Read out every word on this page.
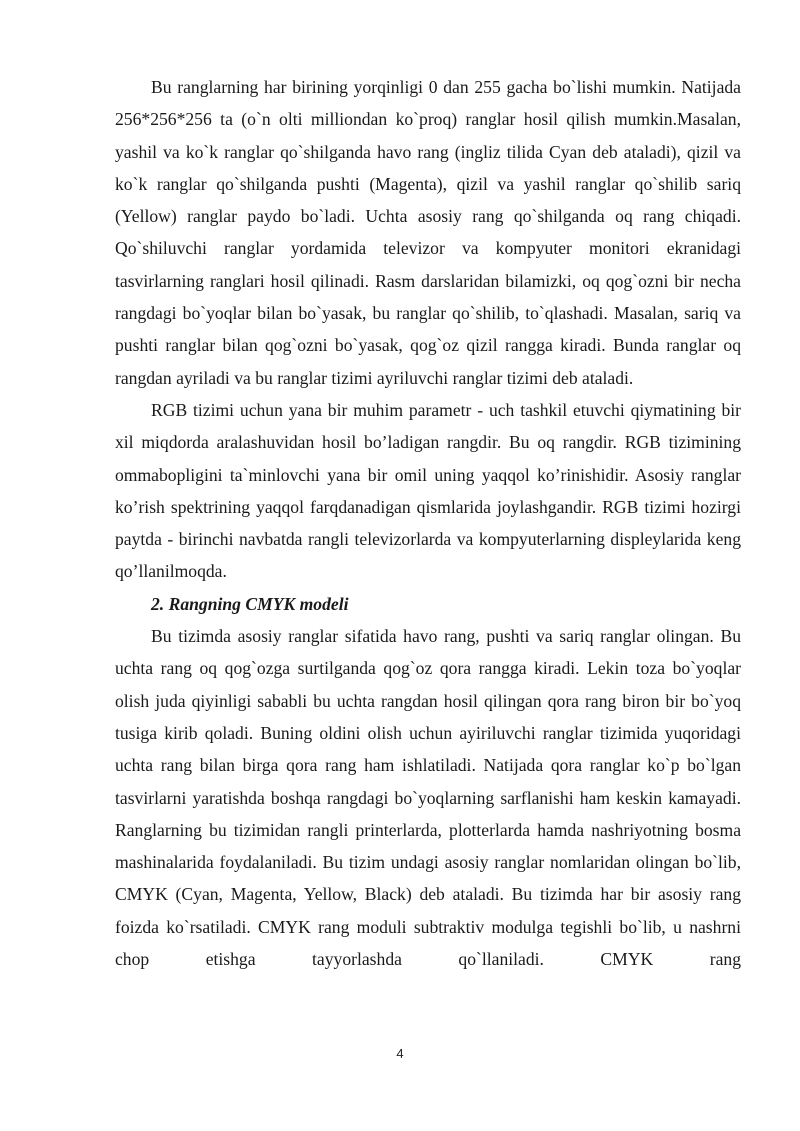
Bu ranglarning har birining yorqinligi 0 dan 255 gacha bo`lishi mumkin. Natijada 256*256*256 ta (o`n olti milliondan ko`proq) ranglar hosil qilish mumkin.Masalan, yashil va ko`k ranglar qo`shilganda havo rang (ingliz tilida Cyan deb ataladi), qizil va ko`k ranglar qo`shilganda pushti (Magenta), qizil va yashil ranglar qo`shilib sariq (Yellow) ranglar paydo bo`ladi. Uchta asosiy rang qo`shilganda oq rang chiqadi. Qo`shiluvchi ranglar yordamida televizor va kompyuter monitori ekranidagi tasvirlarning ranglari hosil qilinadi. Rasm darslaridan bilamizki, oq qog`ozni bir necha rangdagi bo`yoqlar bilan bo`yasak, bu ranglar qo`shilib, to`qlashadi. Masalan, sariq va pushti ranglar bilan qog`ozni bo`yasak, qog`oz qizil rangga kiradi. Bunda ranglar oq rangdan ayriladi va bu ranglar tizimi ayriluvchi ranglar tizimi deb ataladi.

RGB tizimi uchun yana bir muhim parametr - uch tashkil etuvchi qiymatining bir xil miqdorda aralashuvidan hosil bo’ladigan rangdir. Bu oq rangdir. RGB tizimining ommabopligini ta`minlovchi yana bir omil uning yaqqol ko’rinishidir. Asosiy ranglar ko’rish spektrining yaqqol farqdanadigan qismlarida joylashgandir. RGB tizimi hozirgi paytda - birinchi navbatda rangli televizorlarda va kompyuterlarning displeylarida keng qo’llanilmoqda.

2. Rangning CMYK modeli

Bu tizimda asosiy ranglar sifatida havo rang, pushti va sariq ranglar olingan. Bu uchta rang oq qog`ozga surtilganda qog`oz qora rangga kiradi. Lekin toza bo`yoqlar olish juda qiyinligi sababli bu uchta rangdan hosil qilingan qora rang biron bir bo`yoq tusiga kirib qoladi. Buning oldini olish uchun ayiriluvchi ranglar tizimida yuqoridagi uchta rang bilan birga qora rang ham ishlatiladi. Natijada qora ranglar ko`p bo`lgan tasvirlarni yaratishda boshqa rangdagi bo`yoqlarning sarflanishi ham keskin kamayadi. Ranglarning bu tizimidan rangli printerlarda, plotterlarda hamda nashriyotning bosma mashinalarida foydalaniladi. Bu tizim undagi asosiy ranglar nomlaridan olingan bo`lib, CMYK (Cyan, Magenta, Yellow, Black) deb ataladi. Bu tizimda har bir asosiy rang foizda ko`rsatiladi. CMYK rang moduli subtraktiv modulga tegishli bo`lib, u nashrni chop etishga tayyorlashda qo`llaniladi. CMYK rang

4
